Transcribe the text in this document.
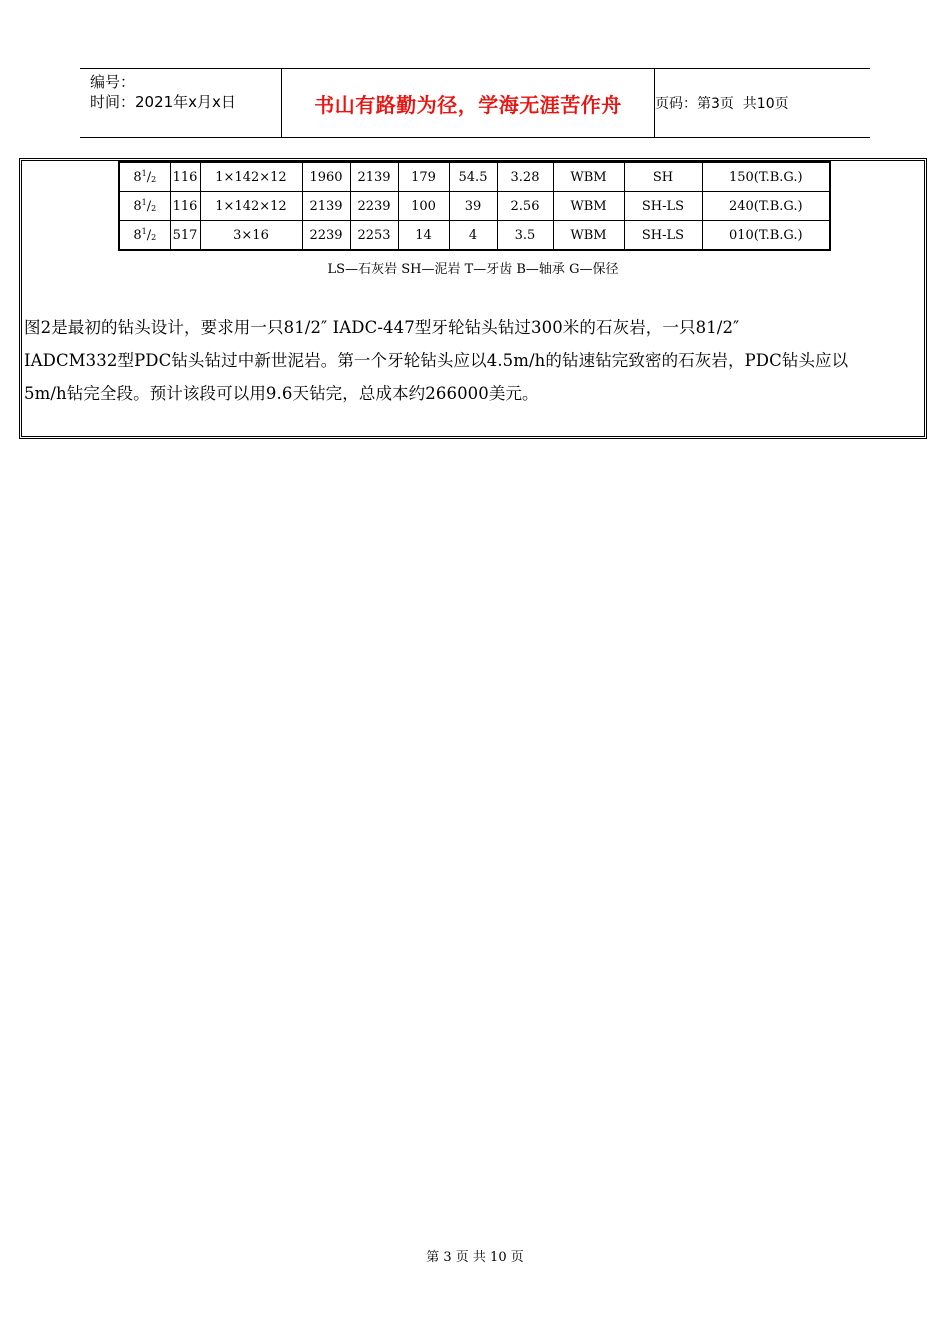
编号：
时间：2021年x月x日	书山有路勤为径，学海无涯苦作舟 页码：第3页  共10页
$8^1/_2$	116	1×142×12	1960	2139	179	54.5	3.28	WBM	SH	150(T.B.G.)
$8^1/_2$	116	1×142×12	2139	2239	100	39	2.56	WBM	SH-LS	240(T.B.G.)
$8^1/_2$	517	3×16	2239	2253	14	4	3.5	WBM	SH-LS	010(T.B.G.)
LS—石灰岩 SH—泥岩 T—牙齿 B—轴承 G—保径
图2是最初的钻头设计，要求用一只81/2″ IADC-447型牙轮钻头钻过300米的石灰岩，一只81/2″
IADCM332型PDC钻头钻过中新世泥岩。第一个牙轮钻头应以4.5m/h的钻速钻完致密的石灰岩，PDC钻头应以
5m/h钻完全段。预计该段可以用9.6天钻完，总成本约266000美元。
第 3 页 共 10 页
